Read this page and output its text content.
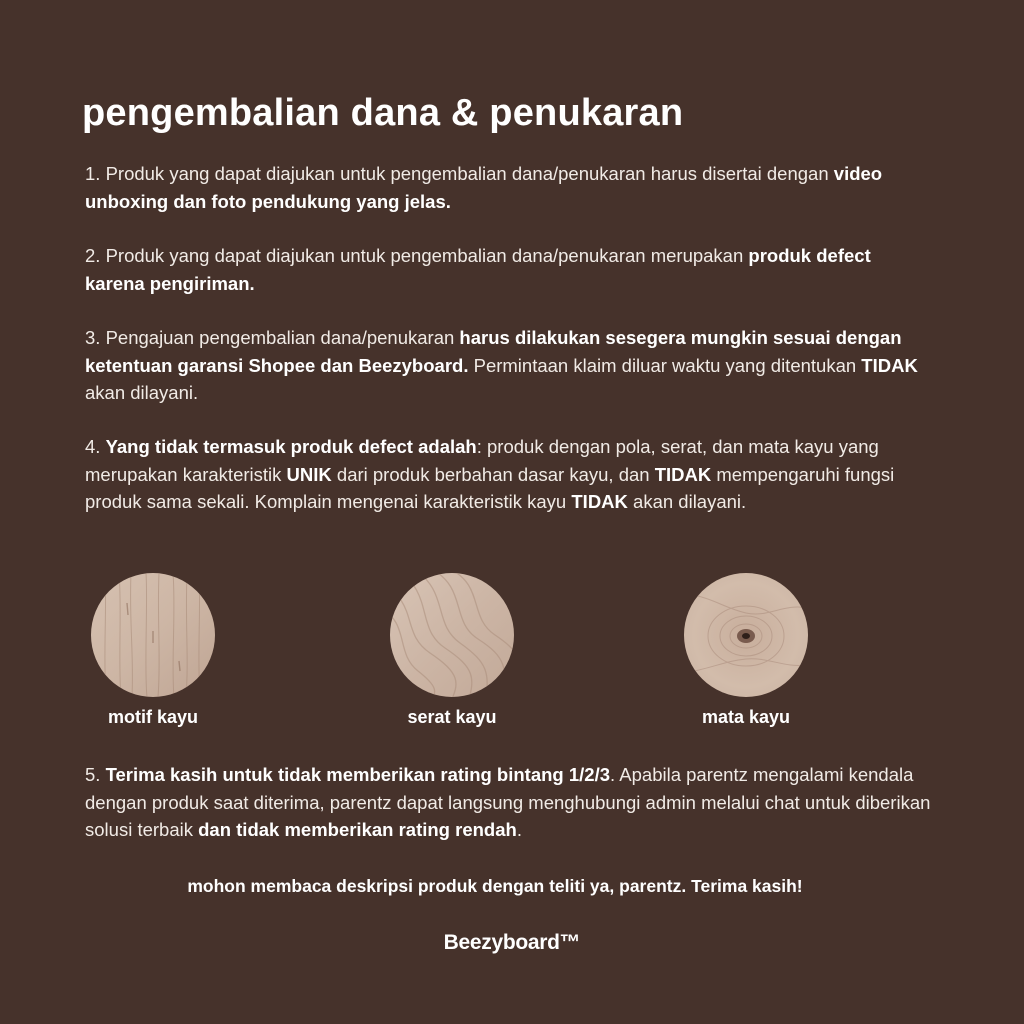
pengembalian dana & penukaran

1. Produk yang dapat diajukan untuk pengembalian dana/penukaran harus disertai dengan video unboxing dan foto pendukung yang jelas.

2. Produk yang dapat diajukan untuk pengembalian dana/penukaran merupakan produk defect karena pengiriman.

3. Pengajuan pengembalian dana/penukaran harus dilakukan sesegera mungkin sesuai dengan ketentuan garansi Shopee dan Beezyboard. Permintaan klaim diluar waktu yang ditentukan TIDAK akan dilayani.

4. Yang tidak termasuk produk defect adalah: produk dengan pola, serat, dan mata kayu yang merupakan karakteristik UNIK dari produk berbahan dasar kayu, dan TIDAK mempengaruhi fungsi produk sama sekali. Komplain mengenai karakteristik kayu TIDAK akan dilayani.

motif kayu	serat kayu	mata kayu

5. Terima kasih untuk tidak memberikan rating bintang 1/2/3. Apabila parentz mengalami kendala dengan produk saat diterima, parentz dapat langsung menghubungi admin melalui chat untuk diberikan solusi terbaik dan tidak memberikan rating rendah.

mohon membaca deskripsi produk dengan teliti ya, parentz. Terima kasih!
Beezyboard™
